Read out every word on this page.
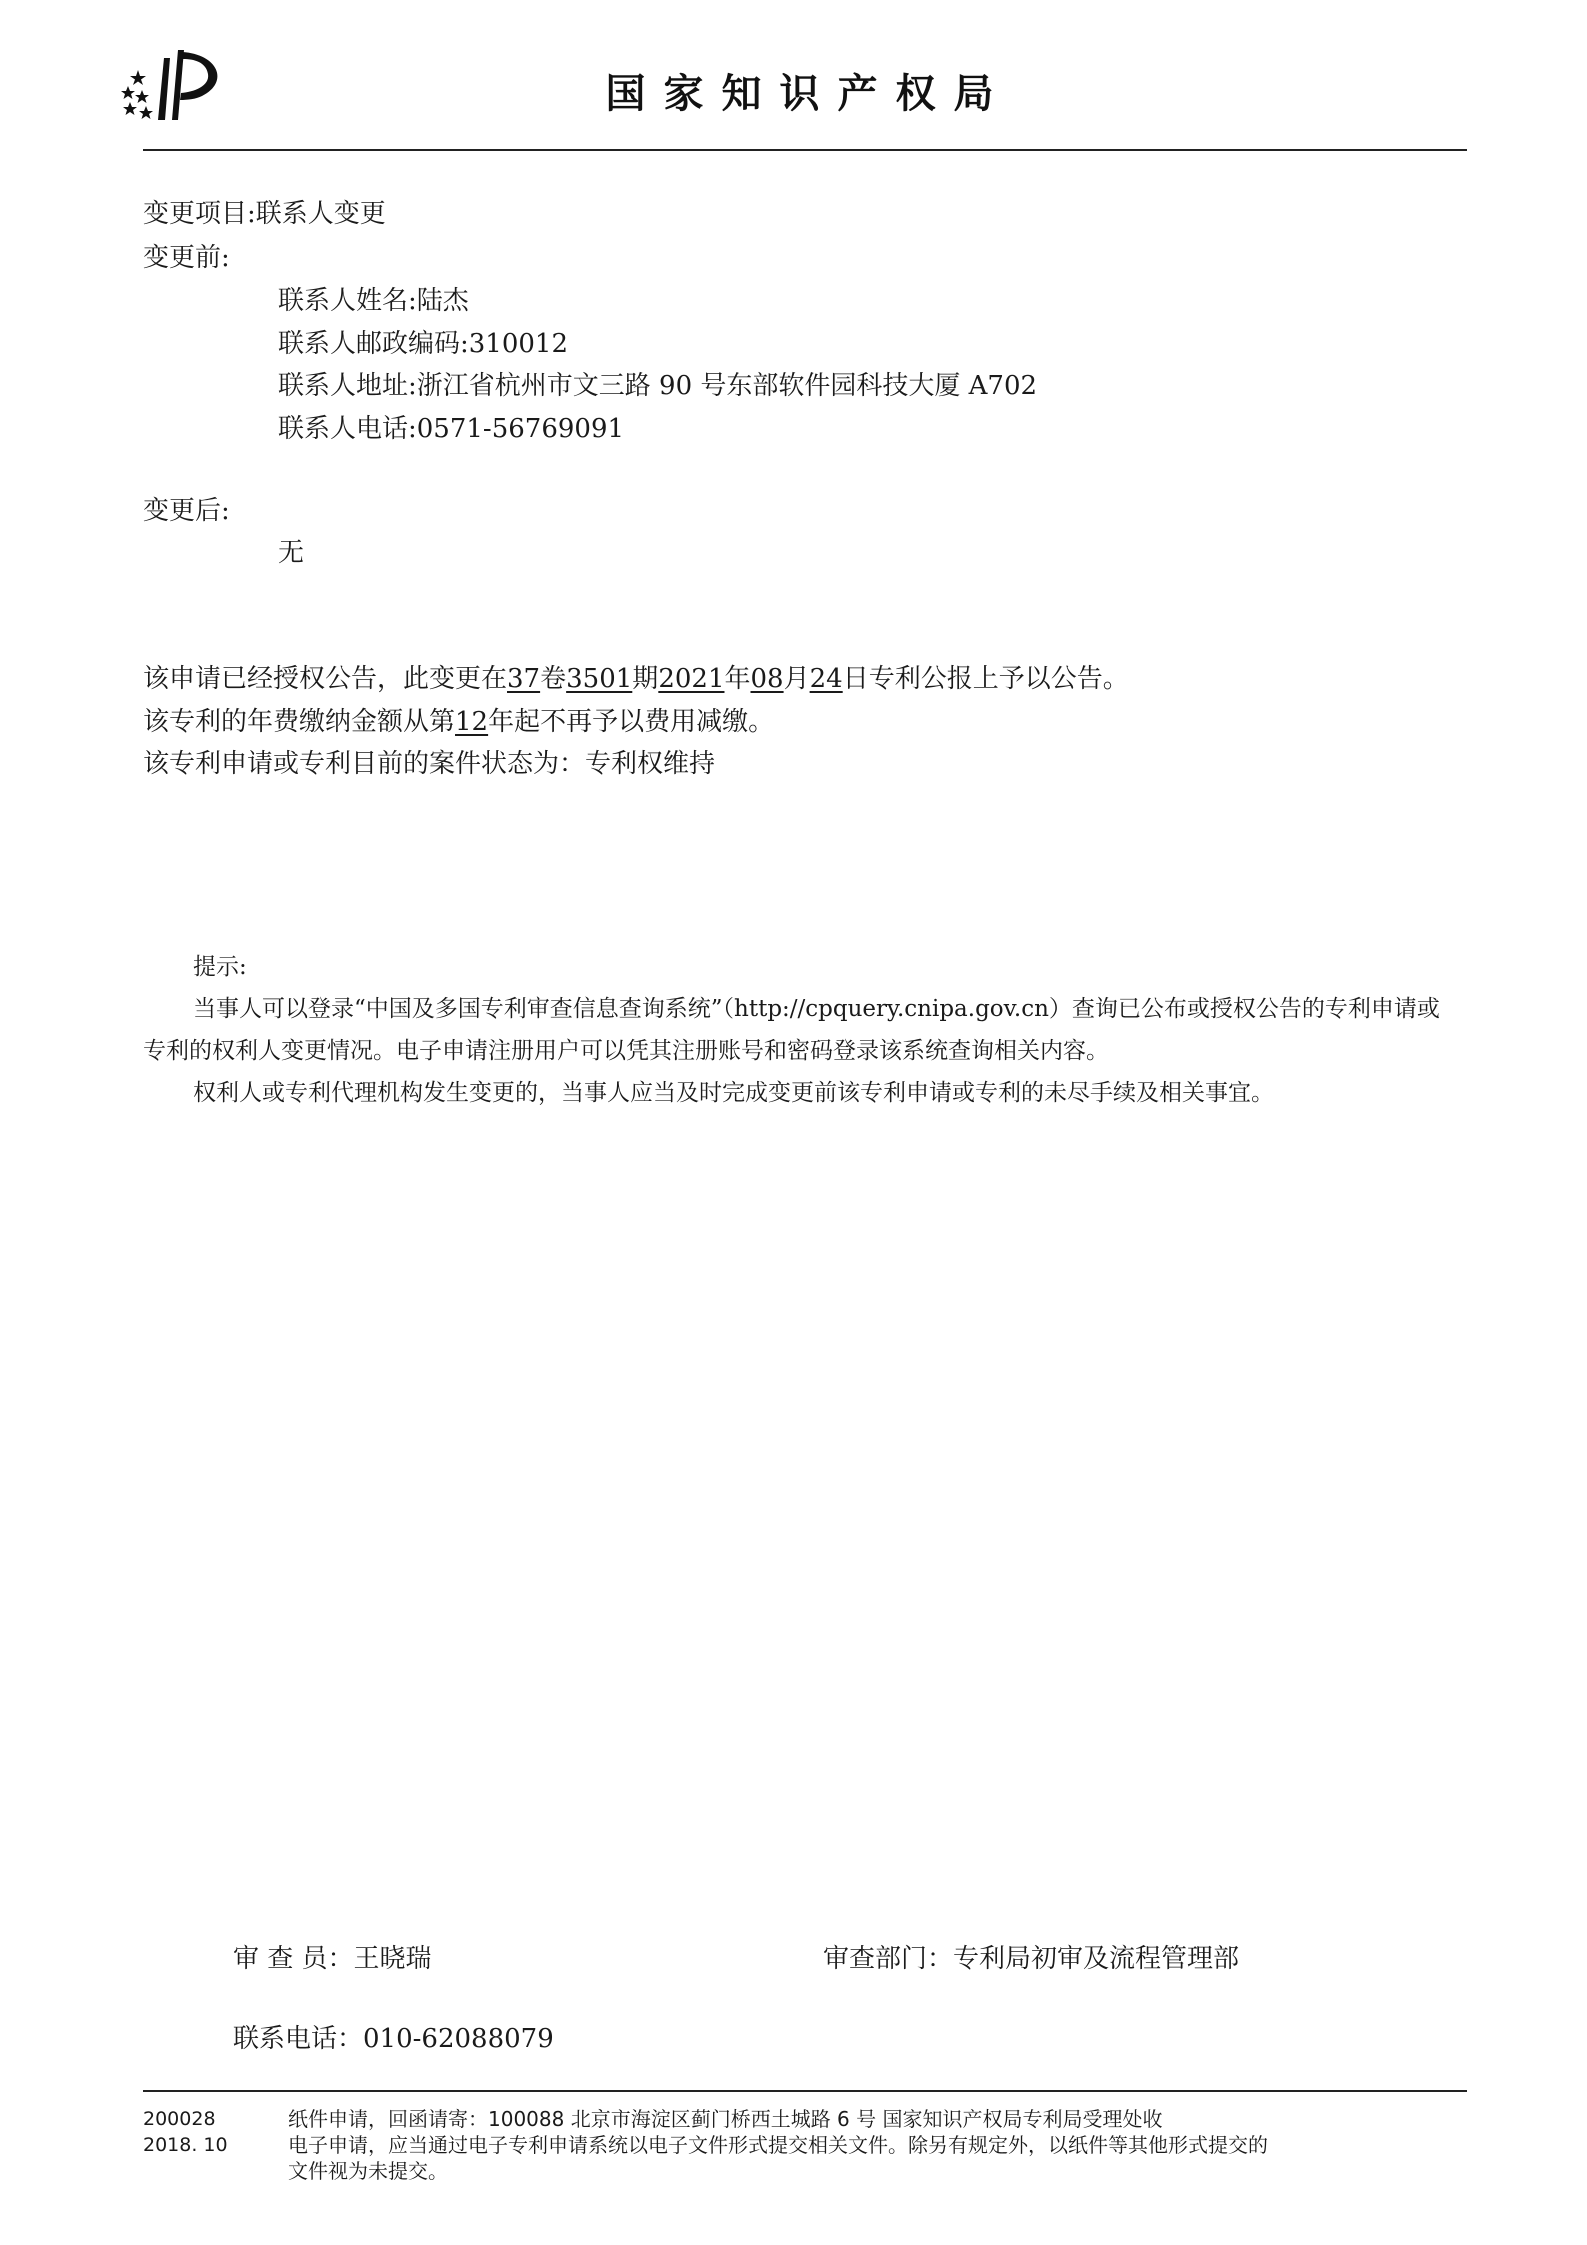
国家知识产权局
变更项目:联系人变更
变更前:
联系人姓名:陆杰
联系人邮政编码:310012
联系人地址:浙江省杭州市文三路 90 号东部软件园科技大厦 A702
联系人电话:0571-56769091
变更后:
无
该申请已经授权公告，此变更在37卷3501期2021年08月24日专利公报上予以公告。
该专利的年费缴纳金额从第12年起不再予以费用减缴。
该专利申请或专利目前的案件状态为：专利权维持
提示:
当事人可以登录“中国及多国专利审查信息查询系统”（http://cpquery.cnipa.gov.cn）查询已公布或授权公告的专利申请或
专利的权利人变更情况。电子申请注册用户可以凭其注册账号和密码登录该系统查询相关内容。
权利人或专利代理机构发生变更的，当事人应当及时完成变更前该专利申请或专利的未尽手续及相关事宜。
审 查 员：王晓瑞	审查部门：专利局初审及流程管理部
联系电话：010-62088079
200028
2018. 10
纸件申请，回函请寄：100088 北京市海淀区蓟门桥西土城路 6 号 国家知识产权局专利局受理处收
电子申请，应当通过电子专利申请系统以电子文件形式提交相关文件。除另有规定外，以纸件等其他形式提交的
文件视为未提交。
